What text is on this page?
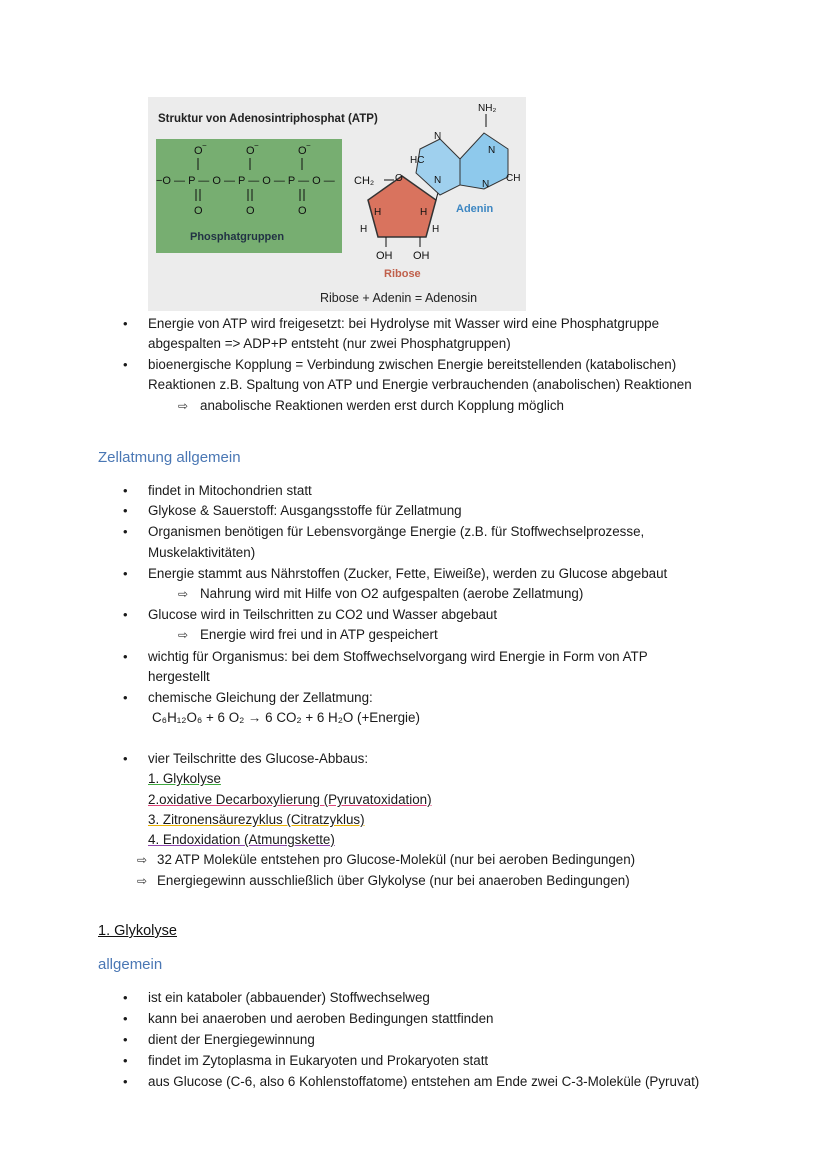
Struktur von Adenosintriphosphat (ATP)
O −	O −	O −
−O — P — O — P — O — P — O —
O	O	O
Phosphatgruppen
CH₂ O
H	H
H	H
OH OH
Ribose
HC
N
N
N
N
CH
NH₂
Adenin
Ribose + Adenin = Adenosin
• Energie von ATP wird freigesetzt: bei Hydrolyse mit Wasser wird eine Phosphatgruppe
abgespalten => ADP+P entsteht (nur zwei Phosphatgruppen)
• bioenergische Kopplung = Verbindung zwischen Energie bereitstellenden (katabolischen)
Reaktionen z.B. Spaltung von ATP und Energie verbrauchenden (anabolischen) Reaktionen
⇨ anabolische Reaktionen werden erst durch Kopplung möglich
Zellatmung allgemein
• findet in Mitochondrien statt
• Glykose & Sauerstoff: Ausgangsstoffe für Zellatmung
• Organismen benötigen für Lebensvorgänge Energie (z.B. für Stoffwechselprozesse,
Muskelaktivitäten)
• Energie stammt aus Nährstoffen (Zucker, Fette, Eiweiße), werden zu Glucose abgebaut
⇨ Nahrung wird mit Hilfe von O2 aufgespalten (aerobe Zellatmung)
• Glucose wird in Teilschritten zu CO2 und Wasser abgebaut
⇨ Energie wird frei und in ATP gespeichert
• wichtig für Organismus: bei dem Stoffwechselvorgang wird Energie in Form von ATP
hergestellt
• chemische Gleichung der Zellatmung:
C₆H₁₂O₆ + 6 O₂ → 6 CO₂ + 6 H₂O (+Energie)
• vier Teilschritte des Glucose-Abbaus:
1. Glykolyse
2.oxidative Decarboxylierung (Pyruvatoxidation)
3. Zitronensäurezyklus (Citratzyklus)
4. Endoxidation (Atmungskette)
⇨ 32 ATP Moleküle entstehen pro Glucose-Molekül (nur bei aeroben Bedingungen)
⇨ Energiegewinn ausschließlich über Glykolyse (nur bei anaeroben Bedingungen)
1. Glykolyse
allgemein
• ist ein kataboler (abbauender) Stoffwechselweg
• kann bei anaeroben und aeroben Bedingungen stattfinden
• dient der Energiegewinnung
• findet im Zytoplasma in Eukaryoten und Prokaryoten statt
• aus Glucose (C-6, also 6 Kohlenstoffatome) entstehen am Ende zwei C-3-Moleküle (Pyruvat)
